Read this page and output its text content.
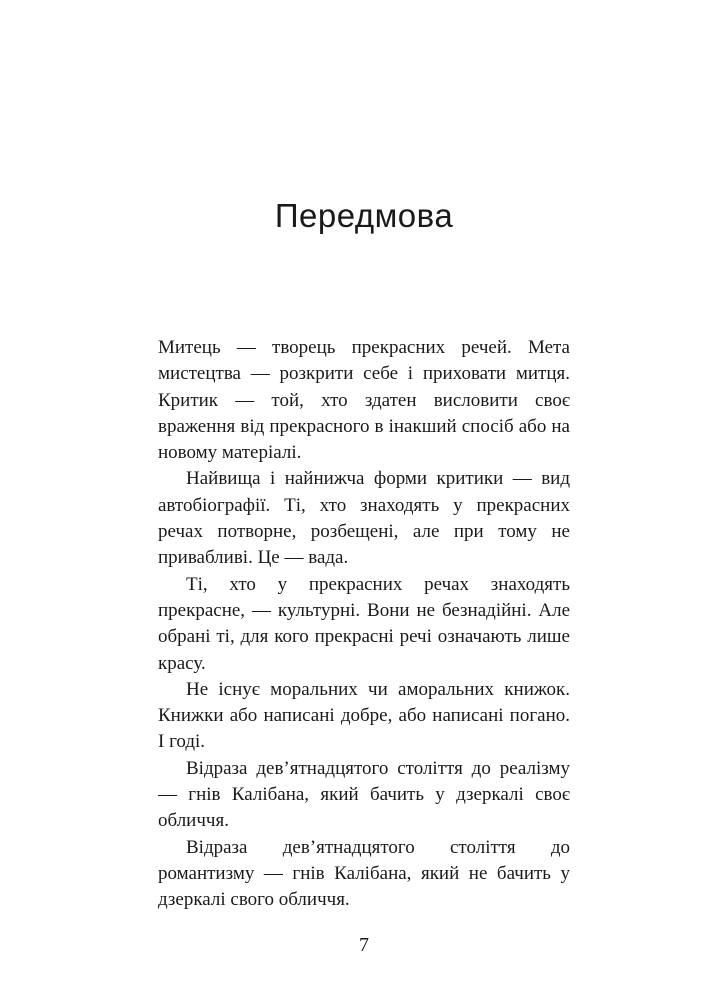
Передмова

Митець — творець прекрасних речей. Мета мистецтва — розкрити себе і приховати митця. Критик — той, хто здатен висловити своє враження від прекрасного в інакший спосіб або на новому матеріалі.

Найвища і найнижча форми критики — вид автобіографії. Ті, хто знаходять у прекрасних речах потворне, розбещені, але при тому не привабливі. Це — вада.

Ті, хто у прекрасних речах знаходять прекрасне, — культурні. Вони не безнадійні. Але обрані ті, для кого прекрасні речі означають лише красу.

Не існує моральних чи аморальних книжок. Книжки або написані добре, або написані погано. І годі.

Відраза дев’ятнадцятого століття до реалізму — гнів Калібана, який бачить у дзеркалі своє обличчя.

Відраза дев’ятнадцятого століття до романтизму — гнів Калібана, який не бачить у дзеркалі свого обличчя.

7
